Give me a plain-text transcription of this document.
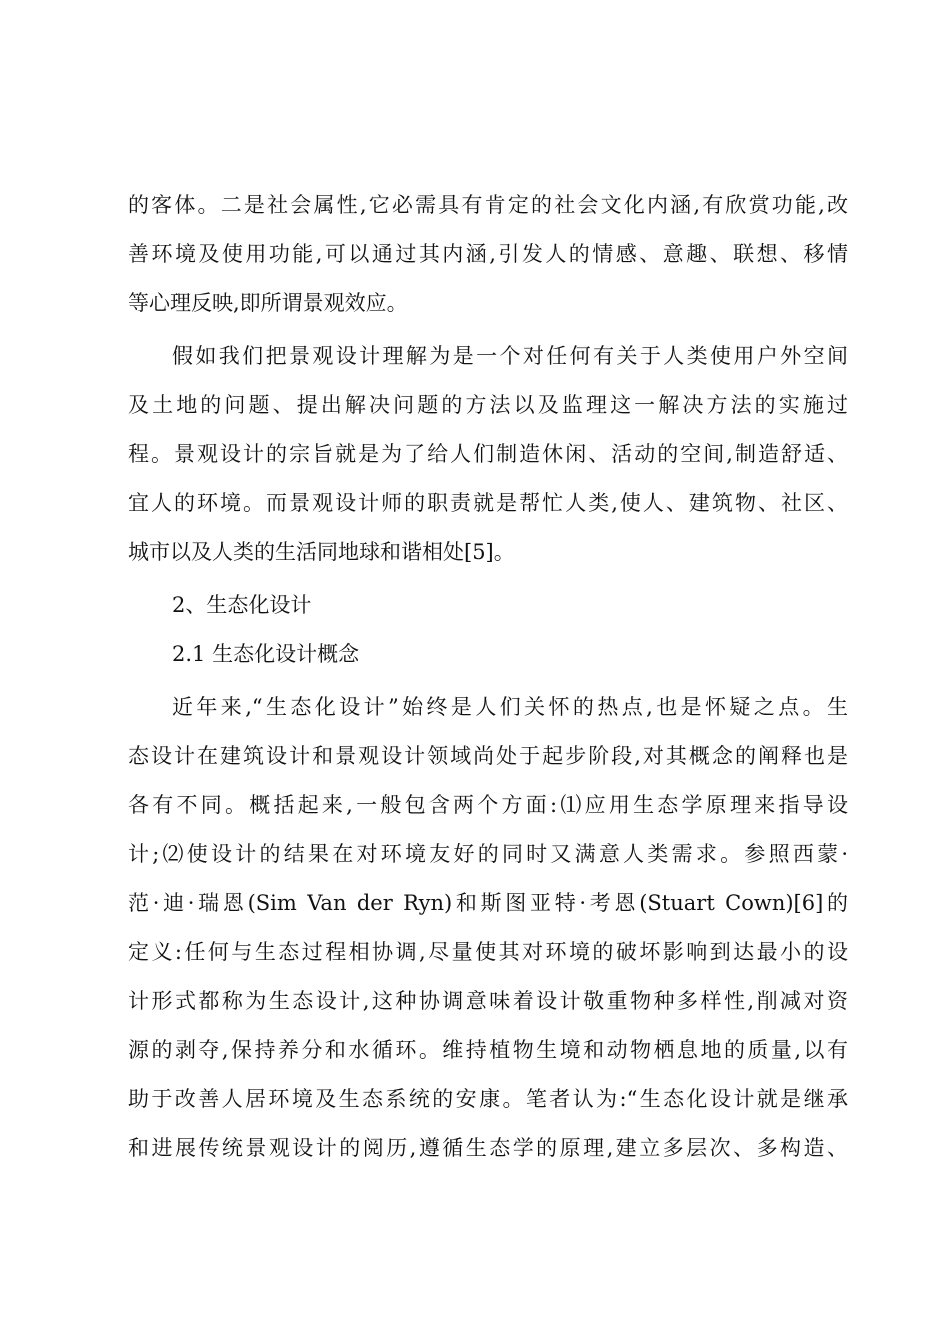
的客体。二是社会属性,它必需具有肯定的社会文化内涵,有欣赏功能,改
善环境及使用功能,可以通过其内涵,引发人的情感、意趣、联想、移情
等心理反映,即所谓景观效应。
假如我们把景观设计理解为是一个对任何有关于人类使用户外空间
及土地的问题、提出解决问题的方法以及监理这一解决方法的实施过
程。景观设计的宗旨就是为了给人们制造休闲、活动的空间,制造舒适、
宜人的环境。而景观设计师的职责就是帮忙人类,使人、建筑物、社区、
城市以及人类的生活同地球和谐相处[5]。
2、生态化设计
2.1 生态化设计概念
近年来,“生态化设计”始终是人们关怀的热点,也是怀疑之点。生
态设计在建筑设计和景观设计领域尚处于起步阶段,对其概念的阐释也是
各有不同。概括起来,一般包含两个方面:⑴应用生态学原理来指导设
计;⑵使设计的结果在对环境友好的同时又满意人类需求。参照西蒙·
范·迪·瑞恩(Sim Van der Ryn)和斯图亚特·考恩(Stuart Cown)[6]的
定义:任何与生态过程相协调,尽量使其对环境的破坏影响到达最小的设
计形式都称为生态设计,这种协调意味着设计敬重物种多样性,削减对资
源的剥夺,保持养分和水循环。维持植物生境和动物栖息地的质量,以有
助于改善人居环境及生态系统的安康。笔者认为:“生态化设计就是继承
和进展传统景观设计的阅历,遵循生态学的原理,建立多层次、多构造、
